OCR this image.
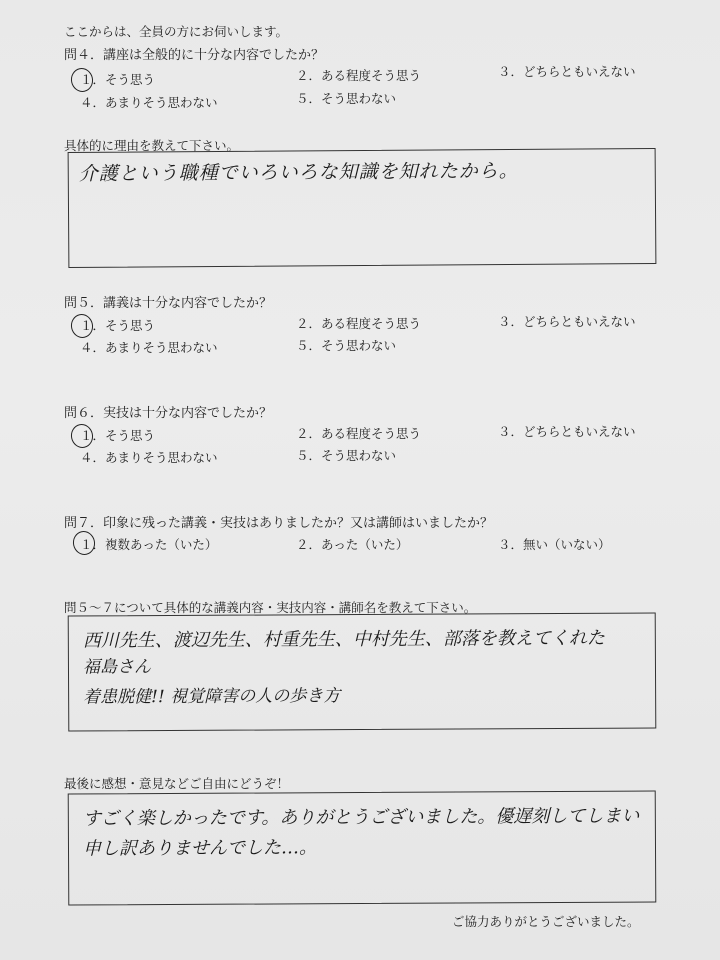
ここからは、全員の方にお伺いします。
問４．講座は全般的に十分な内容でしたか？
１．そう思う	２．ある程度そう思う	３．どちらともいえない
４．あまりそう思わない	５．そう思わない
具体的に理由を教えて下さい。
介護という職種でいろいろな知識を知れたから。
問５．講義は十分な内容でしたか？
１．そう思う	２．ある程度そう思う	３．どちらともいえない
４．あまりそう思わない	５．そう思わない
問６．実技は十分な内容でしたか？
１．そう思う	２．ある程度そう思う	３．どちらともいえない
４．あまりそう思わない	５．そう思わない
問７．印象に残った講義・実技はありましたか？又は講師はいましたか？
１．複数あった（いた）	２．あった（いた）	３．無い（いない）
問５～７について具体的な講義内容・実技内容・講師名を教えて下さい。
西川先生、渡辺先生、村重先生、中村先生、部落を教えてくれた
福島さん
着患脱健!! 視覚障害の人の歩き方
最後に感想・意見などご自由にどうぞ！
すごく楽しかったです。ありがとうございました。優遅刻してしまい
申し訳ありませんでした…。
ご協力ありがとうございました。
